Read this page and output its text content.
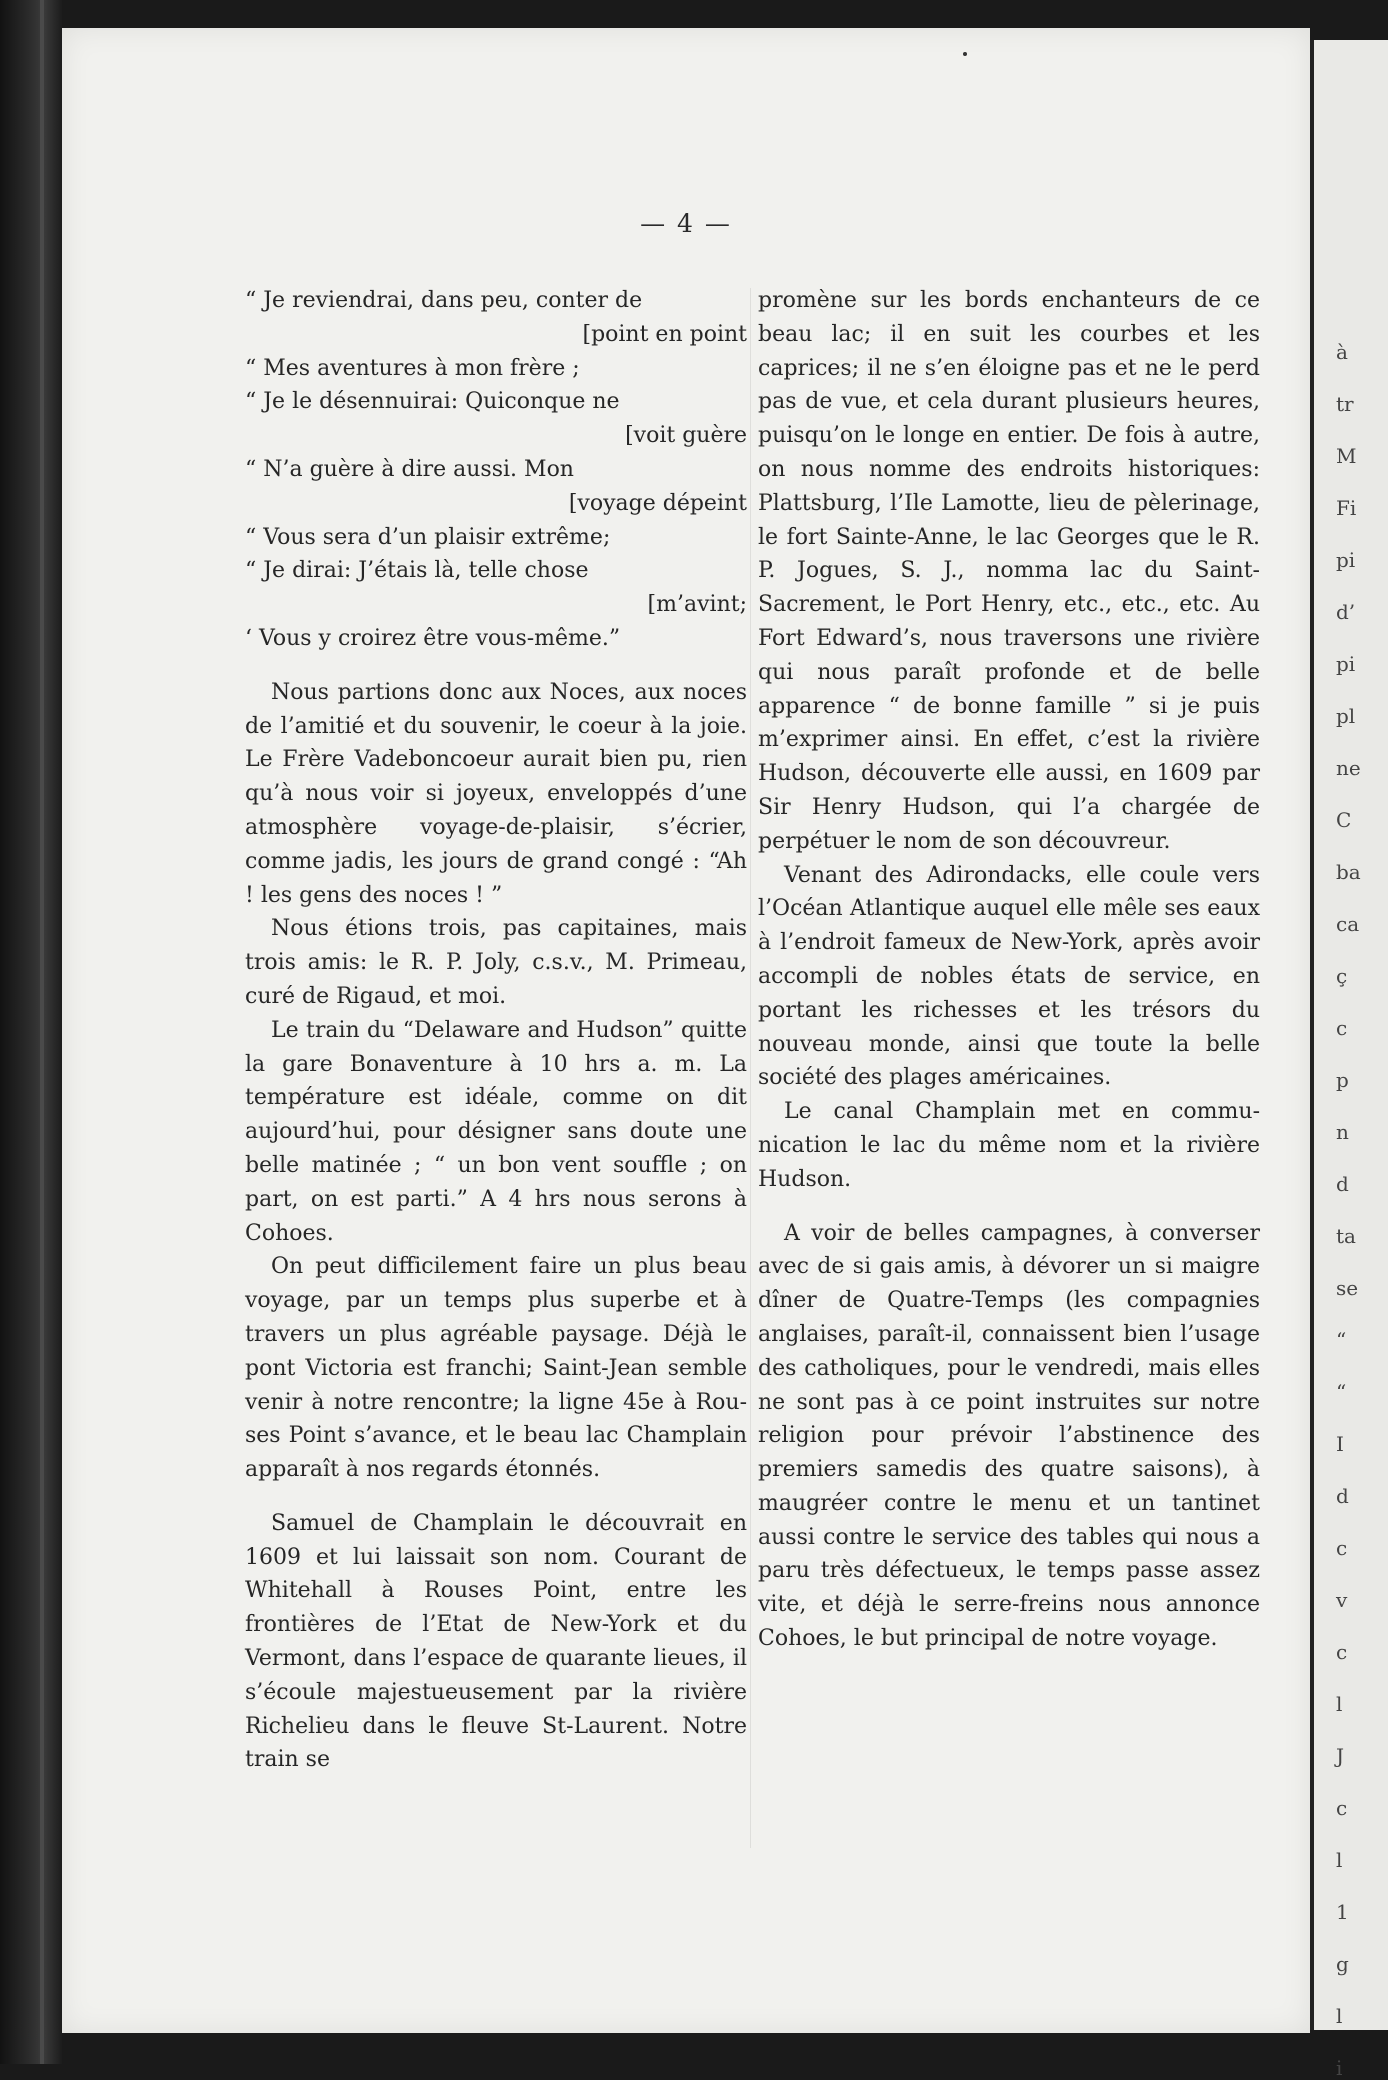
— 4 —

“ Je reviendrai, dans peu, conter de

[point en point

“ Mes aventures à mon frère ;

“ Je le désennuirai: Quiconque ne

[voit guère

“ N’a guère à dire aussi. Mon

[voyage dépeint

“ Vous sera d’un plaisir extrême;

“ Je dirai: J’étais là, telle chose

[m’avint;

‘ Vous y croirez être vous-même.”

Nous partions donc aux Noces, aux noces de l’amitié et du souvenir, le coeur à la joie. Le Frère Vadeboncoeur aurait bien pu, rien qu’à nous voir si joyeux, enveloppés d’une atmosphère voyage-de-plaisir, s’écrier, comme jadis, les jours de grand congé : “Ah ! les gens des noces ! ”

Nous étions trois, pas capitaines, mais trois amis: le R. P. Joly, c.s.v., M. Primeau, curé de Rigaud, et moi.

Le train du “Delaware and Hudson” quitte la gare Bonaventure à 10 hrs a. m. La température est idéale, comme on dit aujourd’hui, pour désigner sans doute une belle matinée ; “ un bon vent souffle ; on part, on est parti.” A 4 hrs nous serons à Cohoes.

On peut difficilement faire un plus beau voyage, par un temps plus superbe et à travers un plus agréable paysage. Déjà le pont Victoria est franchi; Saint-Jean semble venir à notre rencontre; la ligne 45e à Rouses Point s’avance, et le beau lac Champlain apparaît à nos regards étonnés.

Samuel de Champlain le découvrait en 1609 et lui laissait son nom. Courant de Whitehall à Rouses Point, entre les frontières de l’Etat de New-York et du Vermont, dans l’espace de quarante lieues, il s’écoule majestueusement par la rivière Richelieu dans le fleuve St-Laurent. Notre train se

promène sur les bords enchanteurs de ce beau lac; il en suit les courbes et les caprices; il ne s’en éloigne pas et ne le perd pas de vue, et cela durant plusieurs heures, puisqu’on le longe en entier. De fois à autre, on nous nomme des endroits historiques: Plattsburg, l’Ile Lamotte, lieu de pèlerinage, le fort Sainte-Anne, le lac Georges que le R. P. Jogues, S. J., nomma lac du Saint-Sacrement, le Port Henry, etc., etc., etc. Au Fort Edward’s, nous traversons une rivière qui nous paraît profonde et de belle apparence “ de bonne famille ” si je puis m’exprimer ainsi. En effet, c’est la rivière Hudson, découverte elle aussi, en 1609 par Sir Henry Hudson, qui l’a chargée de perpétuer le nom de son découvreur.

Venant des Adirondacks, elle coule vers l’Océan Atlantique auquel elle mêle ses eaux à l’endroit fameux de New-York, après avoir accompli de nobles états de service, en portant les richesses et les trésors du nouveau monde, ainsi que toute la belle société des plages américaines.

Le canal Champlain met en communication le lac du même nom et la rivière Hudson.

A voir de belles campagnes, à converser avec de si gais amis, à dévorer un si maigre dîner de Quatre-Temps (les compagnies anglaises, paraît-il, connaissent bien l’usage des catholiques, pour le vendredi, mais elles ne sont pas à ce point instruites sur notre religion pour prévoir l’abstinence des premiers samedis des quatre saisons), à maugréer contre le menu et un tantinet aussi contre le service des tables qui nous a paru très défectueux, le temps passe assez vite, et déjà le serre-freins nous annonce Cohoes, le but principal de notre voyage.

à
tr
M
Fi
pi
d’
pi
pl
ne
C
ba
ca
ç
c
p
n
d
ta
se
“
“
I
d
c
v
c
l
J
c
l
1
g
l
i
